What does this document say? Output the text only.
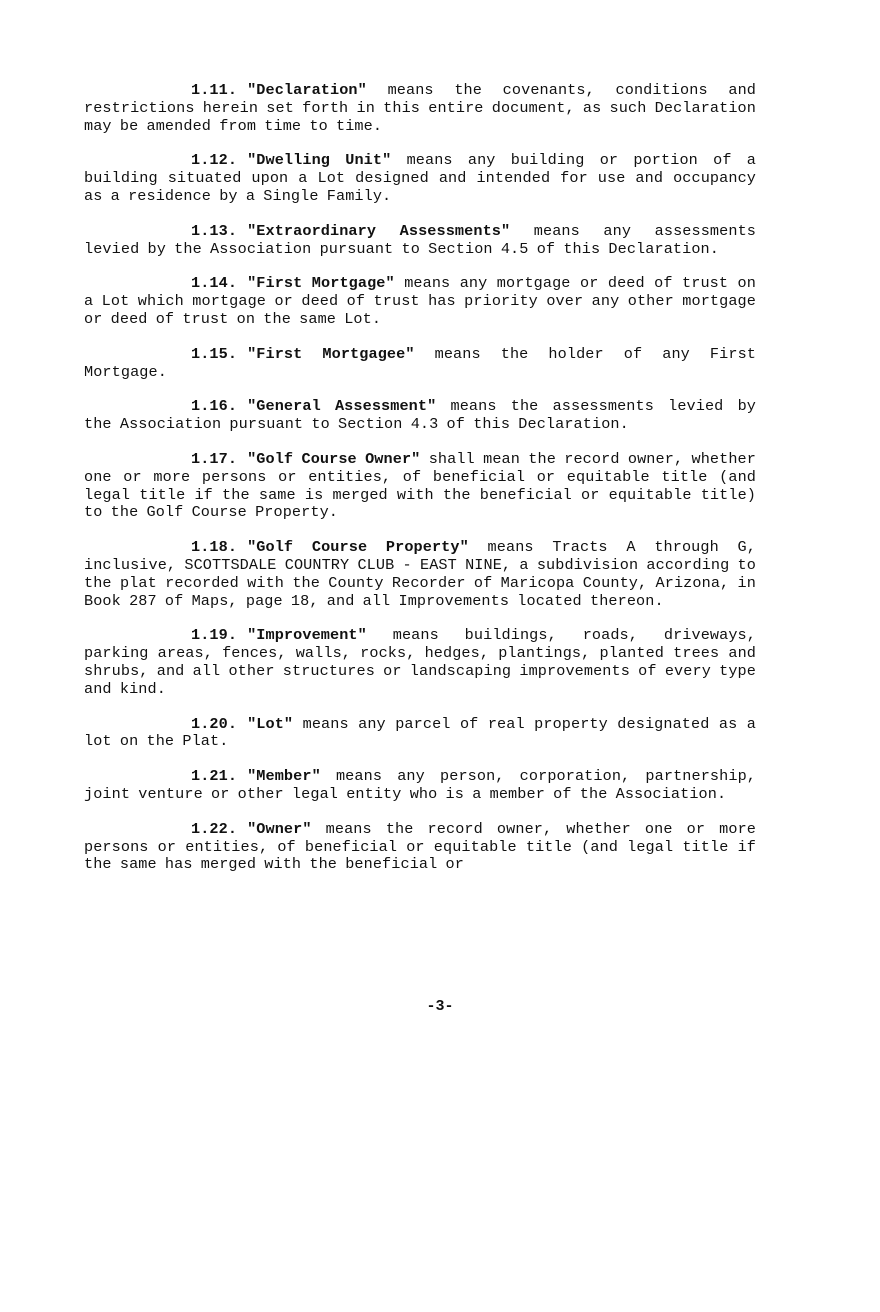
1.11. "Declaration" means the covenants, conditions and restrictions herein set forth in this entire document, as such Declaration may be amended from time to time.

1.12. "Dwelling Unit" means any building or portion of a building situated upon a Lot designed and intended for use and occupancy as a residence by a Single Family.

1.13. "Extraordinary Assessments" means any assessments levied by the Association pursuant to Section 4.5 of this Declaration.

1.14. "First Mortgage" means any mortgage or deed of trust on a Lot which mortgage or deed of trust has priority over any other mortgage or deed of trust on the same Lot.

1.15. "First Mortgagee" means the holder of any First Mortgage.

1.16. "General Assessment" means the assessments levied by the Association pursuant to Section 4.3 of this Declaration.

1.17. "Golf Course Owner" shall mean the record owner, whether one or more persons or entities, of beneficial or equitable title (and legal title if the same is merged with the beneficial or equitable title) to the Golf Course Property.

1.18. "Golf Course Property" means Tracts A through G, inclusive, SCOTTSDALE COUNTRY CLUB - EAST NINE, a subdivision according to the plat recorded with the County Recorder of Maricopa County, Arizona, in Book 287 of Maps, page 18, and all Improvements located thereon.

1.19. "Improvement" means buildings, roads, driveways, parking areas, fences, walls, rocks, hedges, plantings, planted trees and shrubs, and all other structures or landscaping improvements of every type and kind.

1.20. "Lot" means any parcel of real property designated as a lot on the Plat.

1.21. "Member" means any person, corporation, partnership, joint venture or other legal entity who is a member of the Association.

1.22. "Owner" means the record owner, whether one or more persons or entities, of beneficial or equitable title (and legal title if the same has merged with the beneficial or

-3-
